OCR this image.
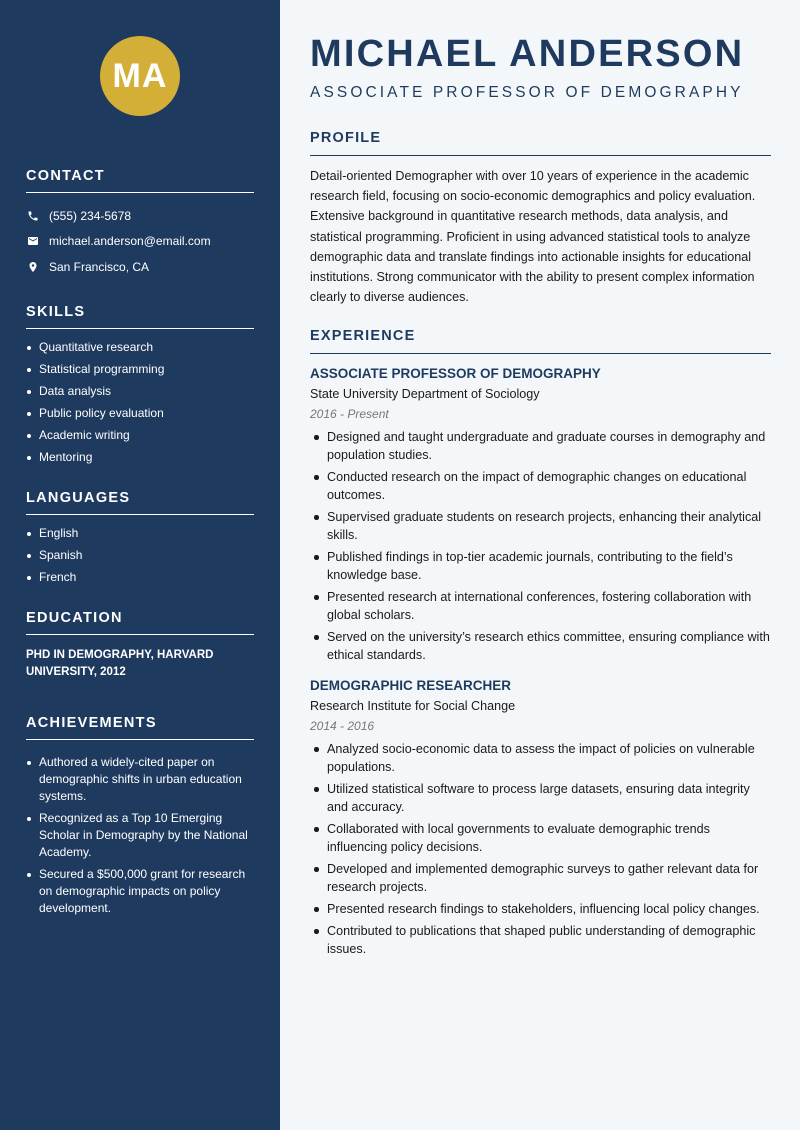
MA
CONTACT
(555) 234-5678
michael.anderson@email.com
San Francisco, CA
SKILLS
Quantitative research
Statistical programming
Data analysis
Public policy evaluation
Academic writing
Mentoring
LANGUAGES
English
Spanish
French
EDUCATION
PHD IN DEMOGRAPHY, HARVARD UNIVERSITY, 2012
ACHIEVEMENTS
Authored a widely-cited paper on demographic shifts in urban education systems.
Recognized as a Top 10 Emerging Scholar in Demography by the National Academy.
Secured a $500,000 grant for research on demographic impacts on policy development.
MICHAEL ANDERSON
ASSOCIATE PROFESSOR OF DEMOGRAPHY
PROFILE

Detail-oriented Demographer with over 10 years of experience in the academic research field, focusing on socio-economic demographics and policy evaluation. Extensive background in quantitative research methods, data analysis, and statistical programming. Proficient in using advanced statistical tools to analyze demographic data and translate findings into actionable insights for educational institutions. Strong communicator with the ability to present complex information clearly to diverse audiences.

EXPERIENCE
ASSOCIATE PROFESSOR OF DEMOGRAPHY
State University Department of Sociology
2016 - Present
Designed and taught undergraduate and graduate courses in demography and population studies.
Conducted research on the impact of demographic changes on educational outcomes.
Supervised graduate students on research projects, enhancing their analytical skills.
Published findings in top-tier academic journals, contributing to the field’s knowledge base.
Presented research at international conferences, fostering collaboration with global scholars.
Served on the university’s research ethics committee, ensuring compliance with ethical standards.
DEMOGRAPHIC RESEARCHER
Research Institute for Social Change
2014 - 2016
Analyzed socio-economic data to assess the impact of policies on vulnerable populations.
Utilized statistical software to process large datasets, ensuring data integrity and accuracy.
Collaborated with local governments to evaluate demographic trends influencing policy decisions.
Developed and implemented demographic surveys to gather relevant data for research projects.
Presented research findings to stakeholders, influencing local policy changes.
Contributed to publications that shaped public understanding of demographic issues.
